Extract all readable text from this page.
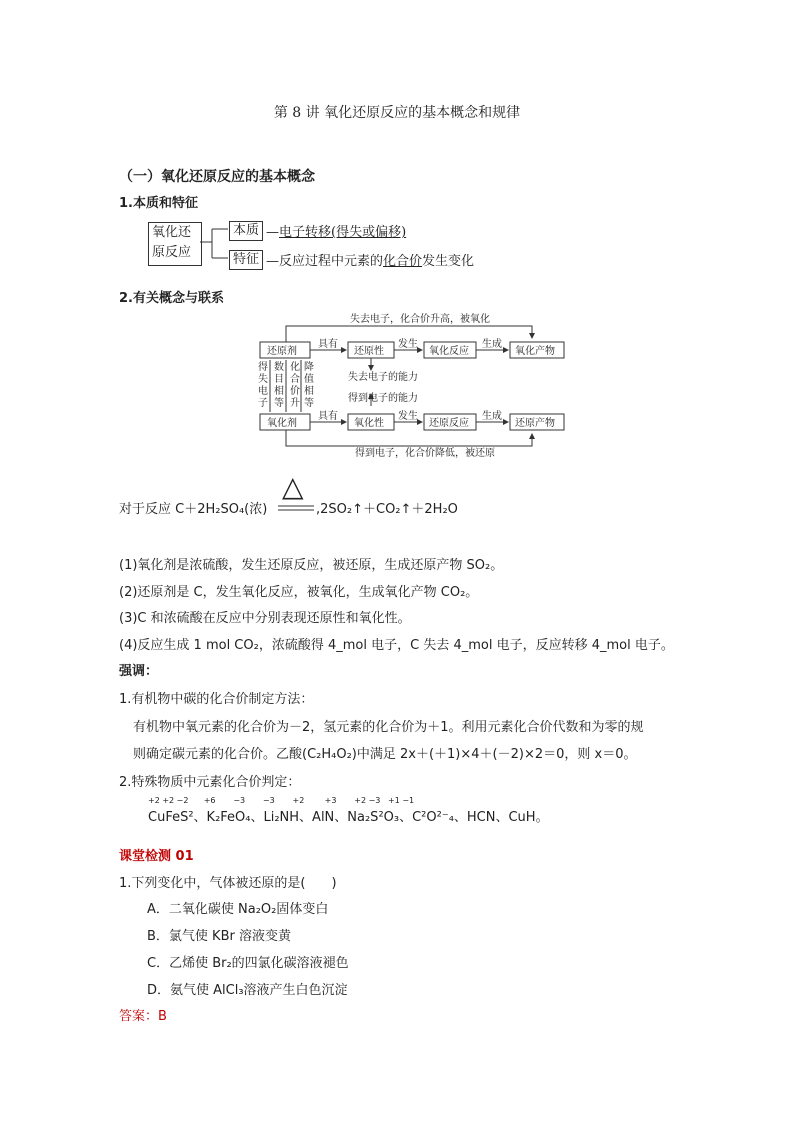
第 8 讲 氧化还原反应的基本概念和规律
（一）氧化还原反应的基本概念
1.本质和特征
氧化还
原反应
本质 —电子转移(得失或偏移)
特征 —反应过程中元素的化合价发生变化
2.有关概念与联系
失去电子，化合价升高，被氧化
得到电子，化合价降低，被还原
还原剂
具有
还原性
发生
氧化反应
生成
氧化产物
失去电子的能力
得到电子的能力
得
失
电
子
数
目
相
等
化
合
价
升
降
值
相
等
氧化剂
具有
氧化性
发生
还原反应
生成
还原产物
对于反应 C＋2H₂SO₄(浓)
△
,2SO₂↑＋CO₂↑＋2H₂O
(1)氧化剂是浓硫酸，发生还原反应，被还原，生成还原产物 SO₂。
(2)还原剂是 C，发生氧化反应，被氧化，生成氧化产物 CO₂。
(3)C 和浓硫酸在反应中分别表现还原性和氧化性。
(4)反应生成 1 mol CO₂，浓硫酸得 4_mol 电子，C 失去 4_mol 电子，反应转移 4_mol 电子。
强调：
1.有机物中碳的化合价制定方法：
有机物中氧元素的化合价为－2，氢元素的化合价为＋1。利用元素化合价代数和为零的规
则确定碳元素的化合价。乙酸(C₂H₄O₂)中满足 2x＋(＋1)×4＋(－2)×2＝0，则 x＝0。
2.特殊物质中元素化合价判定：
+2 +2 −2      +6       −3       −3       +2        +3       +2 −3   +1 −1
CuFeS²、K₂FeO₄、Li₂NH、AlN、Na₂S²O₃、C²O²⁻₄、HCN、CuH。
课堂检测 01
1.下列变化中，气体被还原的是(　　)
A．二氧化碳使 Na₂O₂固体变白
B．氯气使 KBr 溶液变黄
C．乙烯使 Br₂的四氯化碳溶液褪色
D．氨气使 AlCl₃溶液产生白色沉淀
答案：B
